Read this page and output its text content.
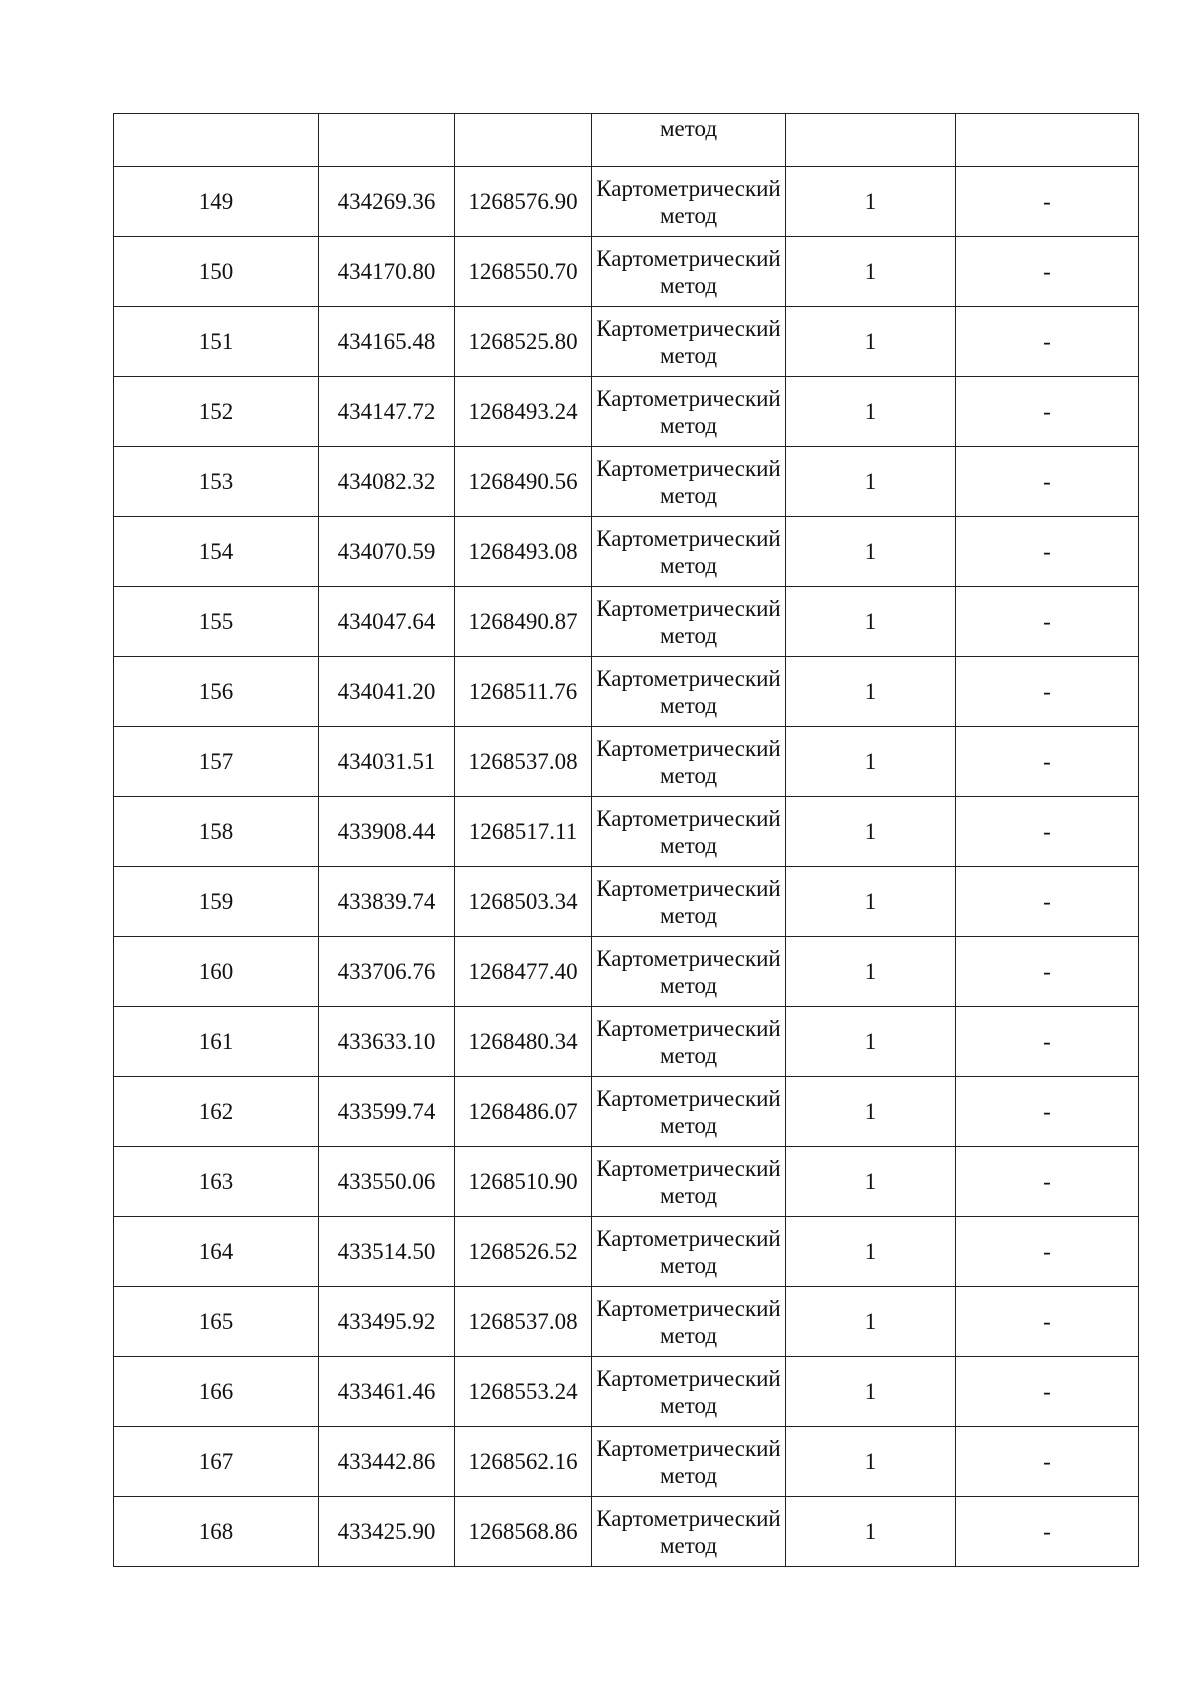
			метод		

149	434269.36	1268576.90	Картометрический
метод	1	-
150	434170.80	1268550.70	Картометрический
метод	1	-
151	434165.48	1268525.80	Картометрический
метод	1	-
152	434147.72	1268493.24	Картометрический
метод	1	-
153	434082.32	1268490.56	Картометрический
метод	1	-
154	434070.59	1268493.08	Картометрический
метод	1	-
155	434047.64	1268490.87	Картометрический
метод	1	-
156	434041.20	1268511.76	Картометрический
метод	1	-
157	434031.51	1268537.08	Картометрический
метод	1	-
158	433908.44	1268517.11	Картометрический
метод	1	-
159	433839.74	1268503.34	Картометрический
метод	1	-
160	433706.76	1268477.40	Картометрический
метод	1	-
161	433633.10	1268480.34	Картометрический
метод	1	-
162	433599.74	1268486.07	Картометрический
метод	1	-
163	433550.06	1268510.90	Картометрический
метод	1	-
164	433514.50	1268526.52	Картометрический
метод	1	-
165	433495.92	1268537.08	Картометрический
метод	1	-
166	433461.46	1268553.24	Картометрический
метод	1	-
167	433442.86	1268562.16	Картометрический
метод	1	-
168	433425.90	1268568.86	Картометрический
метод	1	-
